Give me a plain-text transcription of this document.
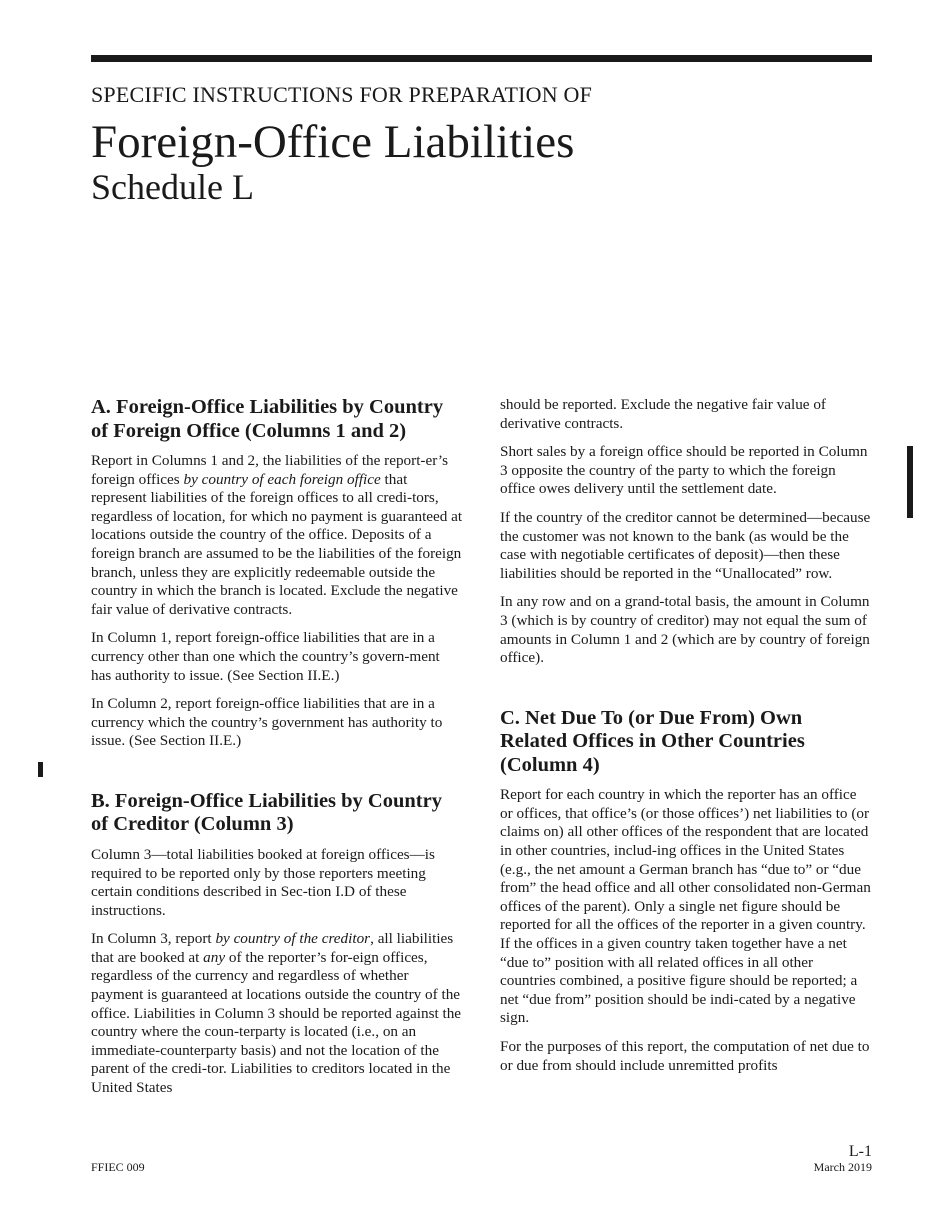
SPECIFIC INSTRUCTIONS FOR PREPARATION OF
Foreign-Office Liabilities
Schedule L
A. Foreign-Office Liabilities by Country
of Foreign Office (Columns 1 and 2)

Report in Columns 1 and 2, the liabilities of the report-er’s foreign offices by country of each foreign office that represent liabilities of the foreign offices to all credi-tors, regardless of location, for which no payment is guaranteed at locations outside the country of the office. Deposits of a foreign branch are assumed to be the liabilities of the foreign branch, unless they are explicitly redeemable outside the country in which the branch is located. Exclude the negative fair value of derivative contracts.

In Column 1, report foreign-office liabilities that are in a currency other than one which the country’s govern-ment has authority to issue. (See Section II.E.)

In Column 2, report foreign-office liabilities that are in a currency which the country’s government has authority to issue. (See Section II.E.)

B. Foreign-Office Liabilities by Country
of Creditor (Column 3)

Column 3—total liabilities booked at foreign offices—is required to be reported only by those reporters meeting certain conditions described in Sec-tion I.D of these instructions.

In Column 3, report by country of the creditor, all liabilities that are booked at any of the reporter’s for-eign offices, regardless of the currency and regardless of whether payment is guaranteed at locations outside the country of the office. Liabilities in Column 3 should be reported against the country where the coun-terparty is located (i.e., on an immediate-counterparty basis) and not the location of the parent of the credi-tor. Liabilities to creditors located in the United States

should be reported. Exclude the negative fair value of derivative contracts.

Short sales by a foreign office should be reported in Column 3 opposite the country of the party to which the foreign office owes delivery until the settlement date.

If the country of the creditor cannot be determined—because the customer was not known to the bank (as would be the case with negotiable certificates of deposit)—then these liabilities should be reported in the “Unallocated” row.

In any row and on a grand-total basis, the amount in Column 3 (which is by country of creditor) may not equal the sum of amounts in Column 1 and 2 (which are by country of foreign office).

C. Net Due To (or Due From) Own
Related Offices in Other Countries
(Column 4)

Report for each country in which the reporter has an office or offices, that office’s (or those offices’) net liabilities to (or claims on) all other offices of the respondent that are located in other countries, includ-ing offices in the United States (e.g., the net amount a German branch has “due to” or “due from” the head office and all other consolidated non-German offices of the parent). Only a single net figure should be reported for all the offices of the reporter in a given country. If the offices in a given country taken together have a net “due to” position with all related offices in all other countries combined, a positive figure should be reported; a net “due from” position should be indi-cated by a negative sign.

For the purposes of this report, the computation of net due to or due from should include unremitted profits

FFIEC 009
L-1
March 2019
